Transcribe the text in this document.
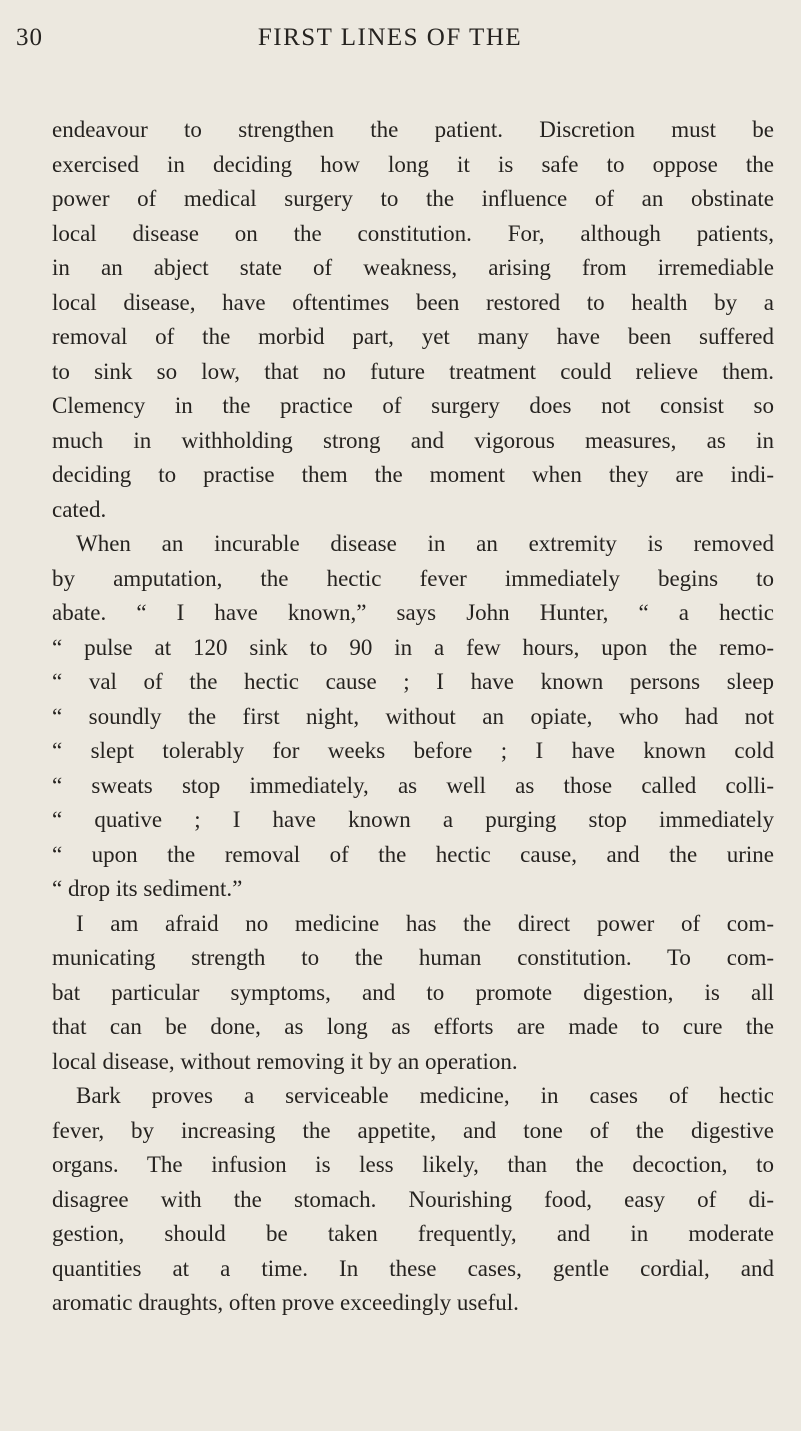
30	FIRST LINES OF THE
endeavour to strengthen the patient. Discretion must be
exercised in deciding how long it is safe to oppose the
power of medical surgery to the influence of an obstinate
local disease on the constitution. For, although patients,
in an abject state of weakness, arising from irremediable
local disease, have oftentimes been restored to health by a
removal of the morbid part, yet many have been suffered
to sink so low, that no future treatment could relieve them.
Clemency in the practice of surgery does not consist so
much in withholding strong and vigorous measures, as in
deciding to practise them the moment when they are indi-
cated.
When an incurable disease in an extremity is removed
by amputation, the hectic fever immediately begins to
abate. “ I have known,” says John Hunter, “ a hectic
“ pulse at 120 sink to 90 in a few hours, upon the remo-
“ val of the hectic cause ; I have known persons sleep
“ soundly the first night, without an opiate, who had not
“ slept tolerably for weeks before ; I have known cold
“ sweats stop immediately, as well as those called colli-
“ quative ; I have known a purging stop immediately
“ upon the removal of the hectic cause, and the urine
“ drop its sediment.”
I am afraid no medicine has the direct power of com-
municating strength to the human constitution. To com-
bat particular symptoms, and to promote digestion, is all
that can be done, as long as efforts are made to cure the
local disease, without removing it by an operation.
Bark proves a serviceable medicine, in cases of hectic
fever, by increasing the appetite, and tone of the digestive
organs. The infusion is less likely, than the decoction, to
disagree with the stomach. Nourishing food, easy of di-
gestion, should be taken frequently, and in moderate
quantities at a time. In these cases, gentle cordial, and
aromatic draughts, often prove exceedingly useful.
